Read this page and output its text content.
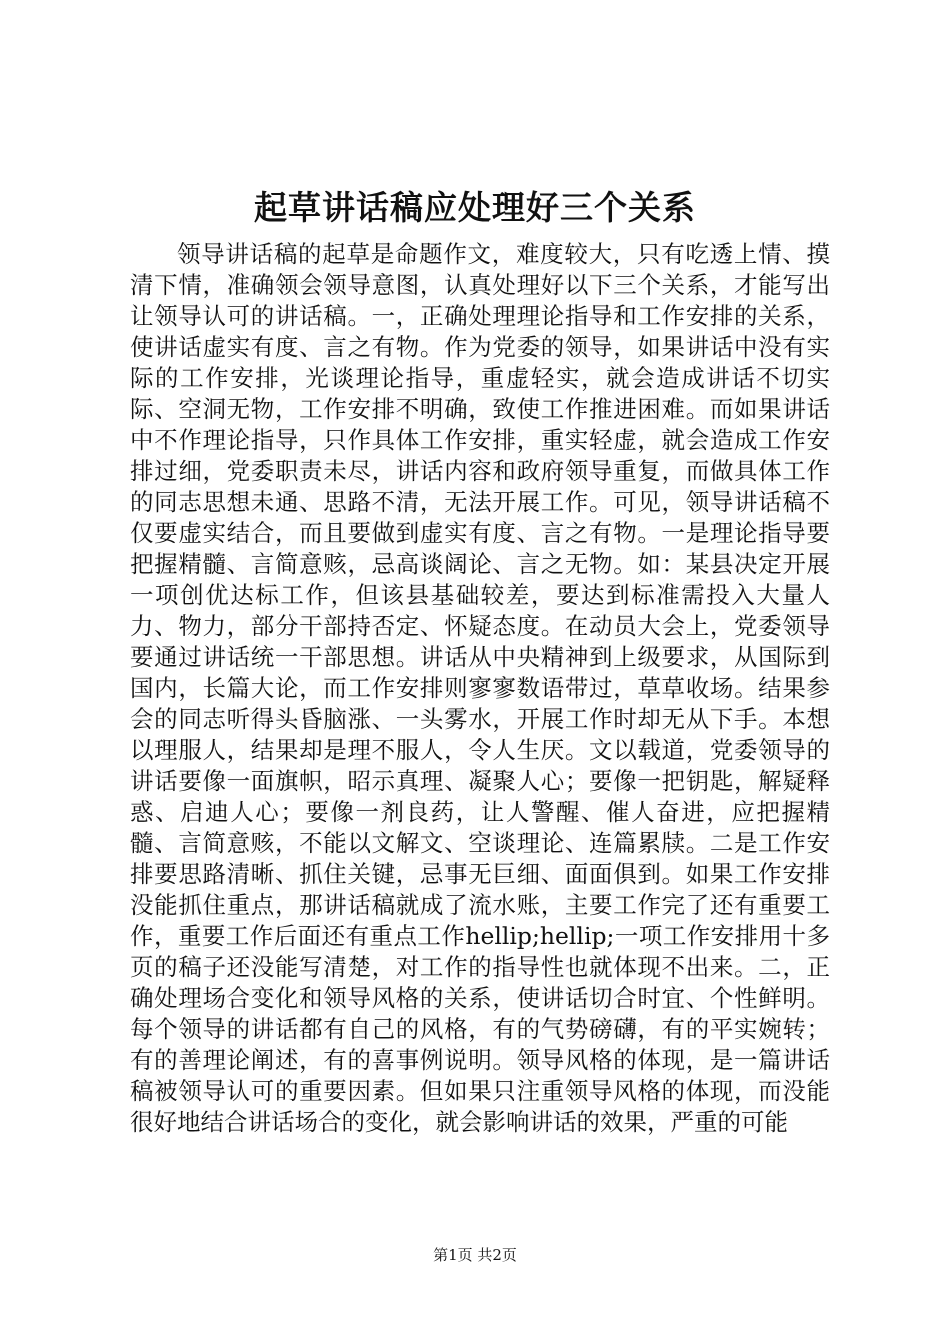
起草讲话稿应处理好三个关系

领导讲话稿的起草是命题作文，难度较大，只有吃透上情、摸清下情，准确领会领导意图，认真处理好以下三个关系，才能写出让领导认可的讲话稿。一，正确处理理论指导和工作安排的关系，使讲话虚实有度、言之有物。作为党委的领导，如果讲话中没有实际的工作安排，光谈理论指导，重虚轻实，就会造成讲话不切实际、空洞无物，工作安排不明确，致使工作推进困难。而如果讲话中不作理论指导，只作具体工作安排，重实轻虚，就会造成工作安排过细，党委职责未尽，讲话内容和政府领导重复，而做具体工作的同志思想未通、思路不清，无法开展工作。可见，领导讲话稿不仅要虚实结合，而且要做到虚实有度、言之有物。一是理论指导要把握精髓、言简意赅，忌高谈阔论、言之无物。如：某县决定开展一项创优达标工作，但该县基础较差，要达到标准需投入大量人力、物力，部分干部持否定、怀疑态度。在动员大会上，党委领导要通过讲话统一干部思想。讲话从中央精神到上级要求，从国际到国内，长篇大论，而工作安排则寥寥数语带过，草草收场。结果参会的同志听得头昏脑涨、一头雾水，开展工作时却无从下手。本想以理服人，结果却是理不服人，令人生厌。文以载道，党委领导的讲话要像一面旗帜，昭示真理、凝聚人心；要像一把钥匙，解疑释惑、启迪人心；要像一剂良药，让人警醒、催人奋进，应把握精髓、言简意赅，不能以文解文、空谈理论、连篇累牍。二是工作安排要思路清晰、抓住关键，忌事无巨细、面面俱到。如果工作安排没能抓住重点，那讲话稿就成了流水账，主要工作完了还有重要工作，重要工作后面还有重点工作hellip;hellip;一项工作安排用十多页的稿子还没能写清楚，对工作的指导性也就体现不出来。二，正确处理场合变化和领导风格的关系，使讲话切合时宜、个性鲜明。每个领导的讲话都有自己的风格，有的气势磅礴，有的平实婉转；有的善理论阐述，有的喜事例说明。领导风格的体现，是一篇讲话稿被领导认可的重要因素。但如果只注重领导风格的体现，而没能很好地结合讲话场合的变化，就会影响讲话的效果，严重的可能

第1页 共2页
